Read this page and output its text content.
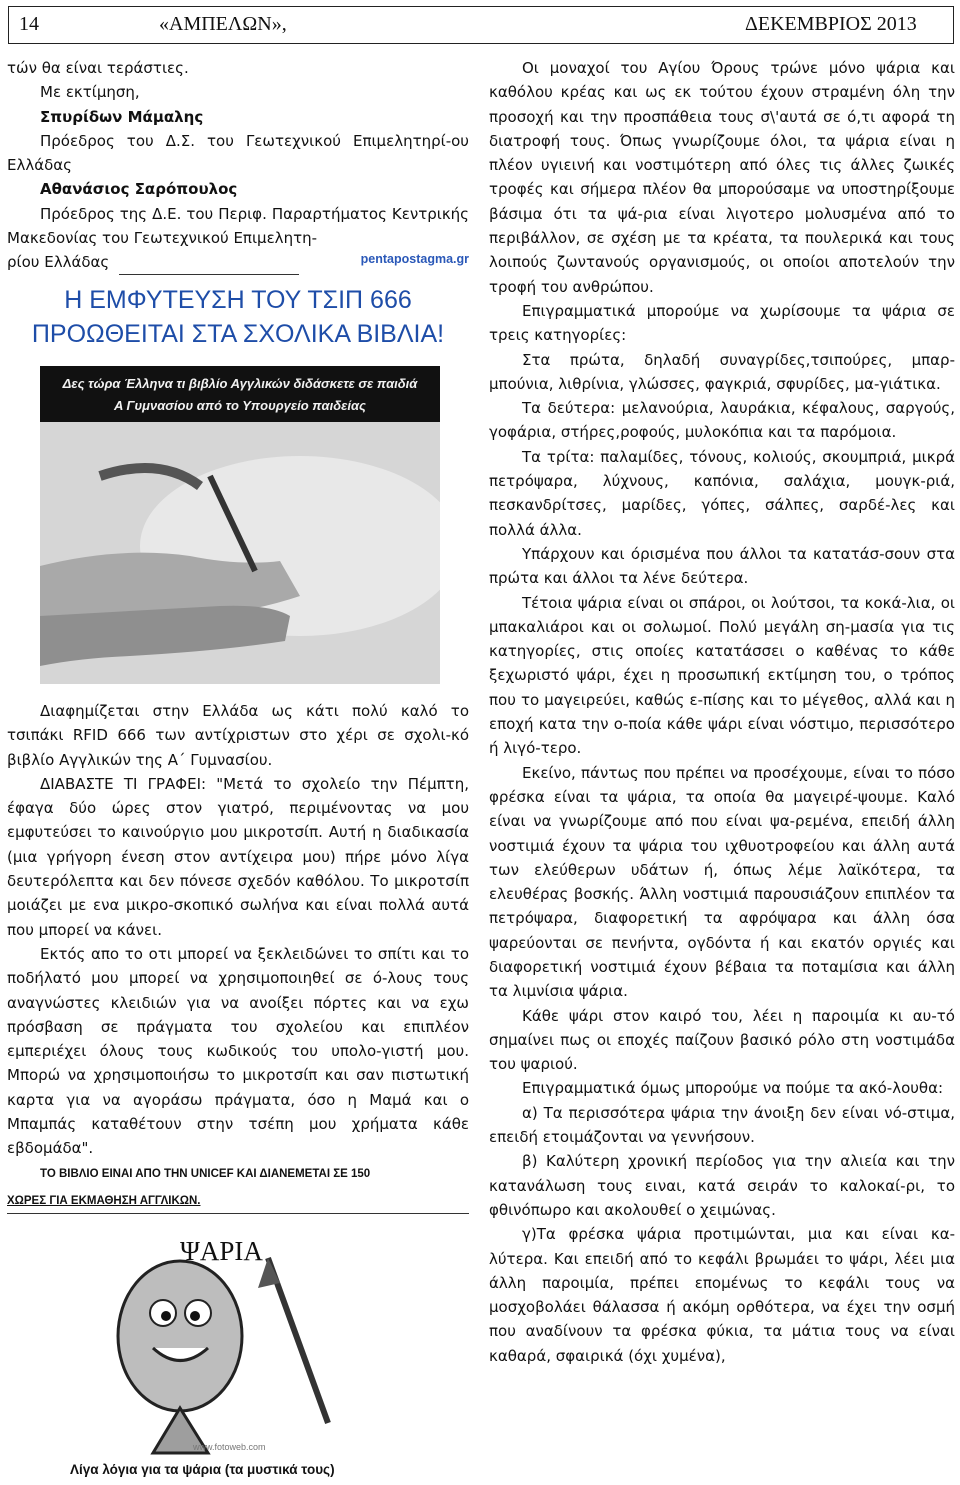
14	«ΑΜΠΕΛΩΝ»,	ΔΕΚΕΜΒΡΙΟΣ 2013

τών θα είναι τεράστιες.

Με εκτίμηση,

Σπυρίδων Μάμαλης

Πρόεδρος του Δ.Σ. του Γεωτεχνικού Επιμελητηρί-ου Ελλάδας

Αθανάσιος Σαρόπουλος

Πρόεδρος της Δ.Ε. του Περιφ. Παραρτήματος Κεντρικής Μακεδονίας του Γεωτεχνικού Επιμελητη-

ρίου Ελλάδας	pentapostagma.gr
Η ΕΜΦΥΤΕΥΣΗ ΤΟΥ ΤΣΙΠ 666 ΠΡΟΩΘΕΙΤΑΙ ΣΤΑ ΣΧΟΛΙΚΑ ΒΙΒΛΙΑ!
Δες τώρα Έλληνα τι βιβλίο Αγγλικών διδάσκετε σε παιδιά
Α Γυμνασίου από το Υπουργείο παιδείας

Διαφημίζεται στην Ελλάδα ως κάτι πολύ καλό το τσιπάκι RFID 666 των αντίχριστων στο χέρι σε σχολι-κό βιβλίο Αγγλικών της Α΄ Γυμνασίου.

ΔΙΑΒΑΣΤΕ ΤΙ ΓΡΑΦΕΙ: "Μετά το σχολείο την Πέμπτη, έφαγα δύο ώρες στον γιατρό, περιμένοντας να μου εμφυτεύσει το καινούργιο μου μικροτσίπ. Αυτή η διαδικασία (μια γρήγορη ένεση στον αντίχειρα μου) πήρε μόνο λίγα δευτερόλεπτα και δεν πόνεσε σχεδόν καθόλου. Το μικροτσίπ μοιάζει με ενα μικρο-σκοπικό σωλήνα και είναι πολλά αυτά που μπορεί να κάνει.

Εκτός απο το οτι μπορεί να ξεκλειδώνει το σπίτι και το ποδήλατό μου μπορεί να χρησιμοποιηθεί σε ό-λους τους αναγνώστες κλειδιών για να ανοίξει πόρτες και να εχω πρόσβαση σε πράγματα του σχολείου και επιπλέον εμπεριέχει όλους τους κωδικούς του υπολο-γιστή μου. Μπορώ να χρησιμοποιήσω το μικροτσίπ και σαν πιστωτική καρτα για να αγοράσω πράγματα, όσο η Μαμά και ο Μπαμπάς καταθέτουν στην τσέπη μου χρήματα κάθε εβδομάδα".

ΤΟ ΒΙΒΛΙΟ ΕΙΝΑΙ ΑΠΟ ΤΗΝ UNICEF ΚΑΙ ΔΙΑΝΕΜΕΤΑΙ ΣΕ 150

ΧΩΡΕΣ ΓΙΑ ΕΚΜΑΘΗΣΗ ΑΓΓΛΙΚΩΝ.

www.fotoweb.com
ΨΑΡΙΑ
Λίγα λόγια για τα ψάρια (τα μυστικά τους)

Οι μοναχοί του Αγίου Όρους τρώνε μόνο ψάρια και καθόλου κρέας και ως εκ τούτου έχουν στραμένη όλη την προσοχή και την προσπάθεια τους σ\'αυτά σε ό,τι αφορά τη διατροφή τους. Όπως γνωρίζουμε όλοι, τα ψάρια είναι η πλέον υγιεινή και νοστιμότερη από όλες τις άλλες ζωικές τροφές και σήμερα πλέον θα μπορούσαμε να υποστηρίξουμε βάσιμα ότι τα ψά-ρια είναι λιγοτερο μολυσμένα από το περιβάλλον, σε σχέση με τα κρέατα, τα πουλερικά και τους λοιπούς ζωντανούς οργανισμούς, οι οποίοι αποτελούν την τροφή του ανθρώπου.

Επιγραμματικά μπορούμε να χωρίσουμε τα ψάρια σε τρεις κατηγορίες:

Στα πρώτα, δηλαδή συναγρίδες,τσιπούρες, μπαρ-μπούνια, λιθρίνια, γλώσσες, φαγκριά, σφυρίδες, μα-γιάτικα.

Τα δεύτερα: μελανούρια, λαυράκια, κέφαλους, σαργούς, γοφάρια, στήρες,ροφούς, μυλοκόπια και τα παρόμοια.

Τα τρίτα: παλαμίδες, τόνους, κολιούς, σκουμπριά, μικρά πετρόψαρα, λύχνους, καπόνια, σαλάχια, μουγκ-ριά, πεσκανδρίτσες, μαρίδες, γόπες, σάλπες, σαρδέ-λες και πολλά άλλα.

Υπάρχουν και όρισμένα που άλλοι τα κατατάσ-σουν στα πρώτα και άλλοι τα λένε δεύτερα.

Τέτοια ψάρια είναι οι σπάροι, οι λούτσοι, τα κοκά-λια, οι μπακαλιάροι και οι σολωμοί. Πολύ μεγάλη ση-μασία για τις κατηγορίες, στις οποίες κατατάσσει ο καθένας το κάθε ξεχωριστό ψάρι, έχει η προσωπική εκτίμηση του, ο τρόπος που το μαγειρεύει, καθώς ε-πίσης και το μέγεθος, αλλά και η εποχή κατα την ο-ποία κάθε ψάρι είναι νόστιμο, περισσότερο ή λιγό-τερο.

Εκείνο, πάντως που πρέπει να προσέχουμε, είναι το πόσο φρέσκα είναι τα ψάρια, τα οποία θα μαγειρέ-ψουμε. Καλό είναι να γνωρίζουμε από που είναι ψα-ρεμένα, επειδή άλλη νοστιμιά έχουν τα ψάρια του ιχθυοτροφείου και άλλη αυτά των ελεύθερων υδάτων ή, όπως λέμε λαϊκότερα, τα ελευθέρας βοσκής. Άλλη νοστιμιά παρουσιάζουν επιπλέον τα πετρόψαρα, διαφορετική τα αφρόψαρα και άλλη όσα ψαρεύονται σε πενήντα, ογδόντα ή και εκατόν οργιές και διαφορετική νοστιμιά έχουν βέβαια τα ποταμίσια και άλλη τα λιμνίσια ψάρια.

Κάθε ψάρι στον καιρό του, λέει η παροιμία κι αυ-τό σημαίνει πως οι εποχές παίζουν βασικό ρόλο στη νοστιμάδα του ψαριού.

Επιγραμματικά όμως μπορούμε να πούμε τα ακό-λουθα:

α) Τα περισσότερα ψάρια την άνοιξη δεν είναι νό-στιμα, επειδή ετοιμάζονται να γεννήσουν.

β) Καλύτερη χρονική περίοδος για την αλιεία και την κατανάλωση τους ειναι, κατά σειράν το καλοκαί-ρι, το φθινόπωρο και ακολουθεί ο χειμώνας.

γ)Τα φρέσκα ψάρια προτιμώνται, μια και είναι κα-λύτερα. Και επειδή από το κεφάλι βρωμάει το ψάρι, λέει μια άλλη παροιμία, πρέπει επομένως το κεφάλι τους να μοσχοβολάει θάλασσα ή ακόμη ορθότερα, να έχει την οσμή που αναδίνουν τα φρέσκα φύκια, τα μάτια τους να είναι καθαρά, σφαιρικά (όχι χυμένα),
